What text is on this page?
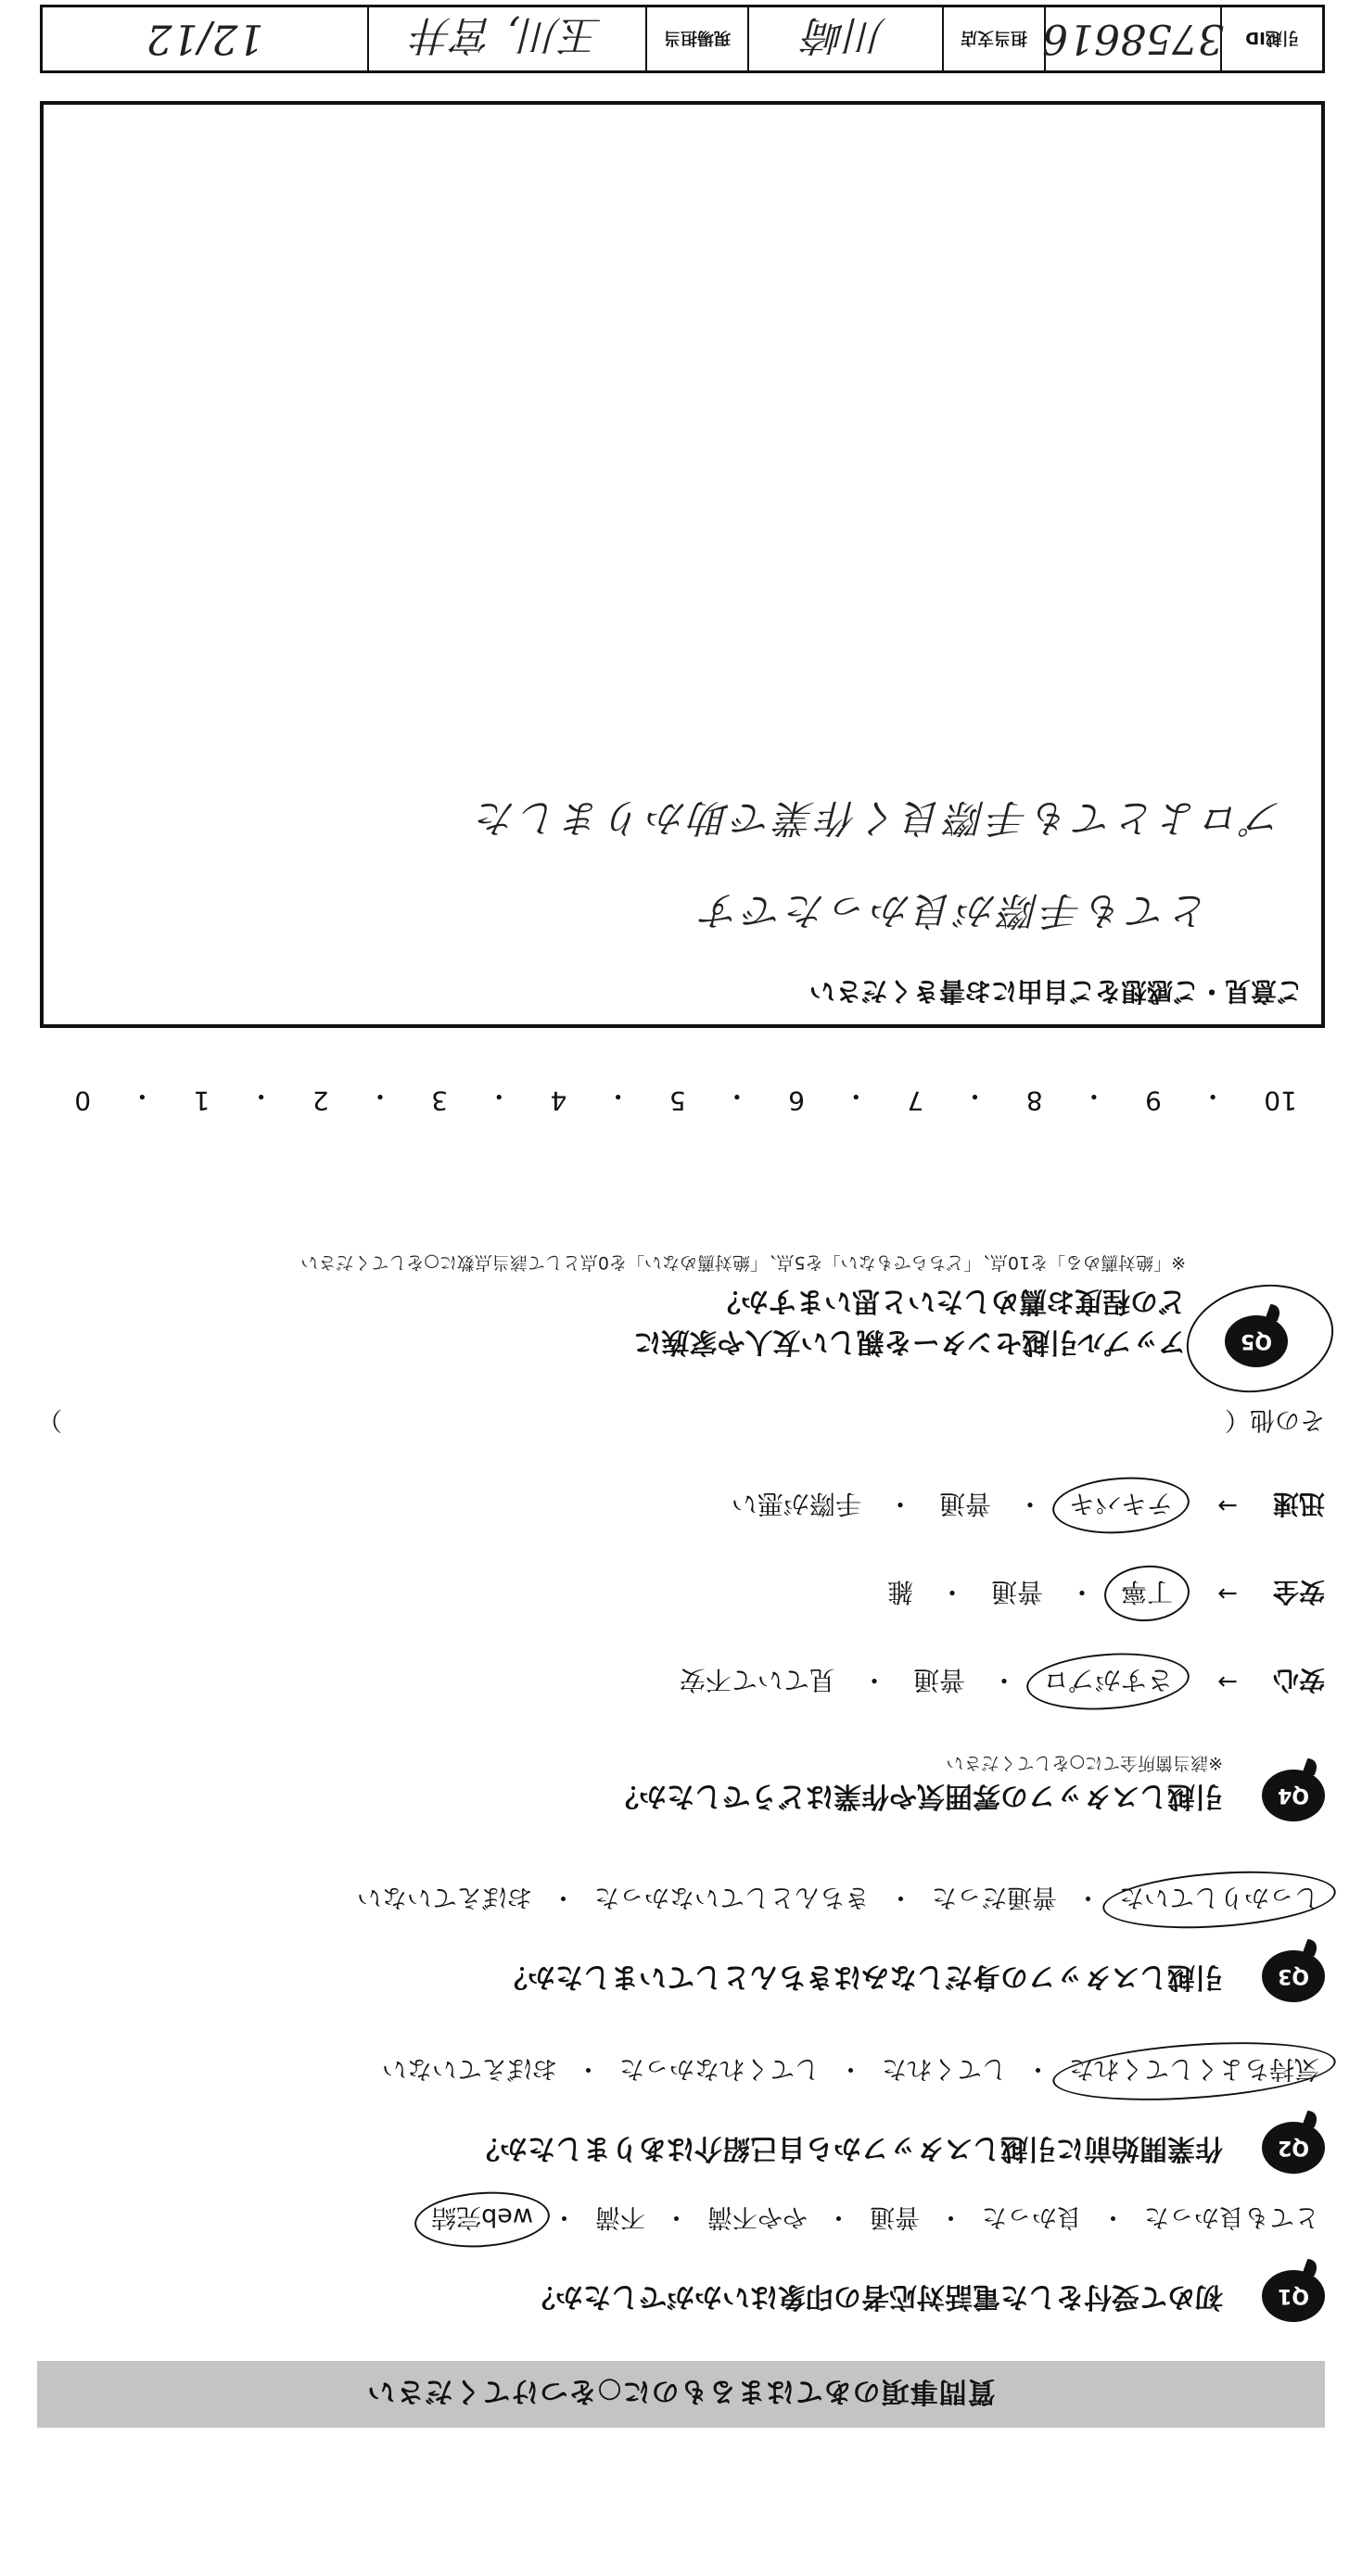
質問事項のあてはまるものに○をつけてください
Q1
初めて受付をした電話対応者の印象はいかがでしたか？
とても良かった
・
良かった
・
普通
・
やや不満
・
不満
・
web完結
Q2
作業開始前に引越しスタッフから自己紹介はありましたか？
気持ちよくしてくれた
・
してくれた
・
してくれなかった
・
おぼえていない
Q3
引越しスタッフの身だしなみはきちんとしていましたか？
しっかりしていた
・
普通だった
・
きちんとしていなかった
・
おぼえていない
Q4
引越しスタッフの雰囲気や作業はどうでしたか？
※該当箇所全てに○をしてください
安心
→
さすがプロ
・
普通
・
見ていて不安
安全
→
丁寧
・
普通
・
雑
迅速
→
テキパキ
・
普通
・
手際が悪い
その他（
）
Q5
アップル引越センターを親しい友人や家族に
どの程度お薦めしたいと思いますか？
※「絶対薦める」を10点、「どちらでもない」を5点、「絶対薦めない」を0点として該当点数に○をしてください
10
・
9
・
8
・
7
・
6
・
5
・
4
・
3
・
2
・
1
・
0
ご意見・ご感想をご自由にお書きください
とても手際が良かったです
プロよとても手際良く作業で助かりました
引越ID
3758616
担当支店
川崎
現場担当
玉川, 宮井
12/12
